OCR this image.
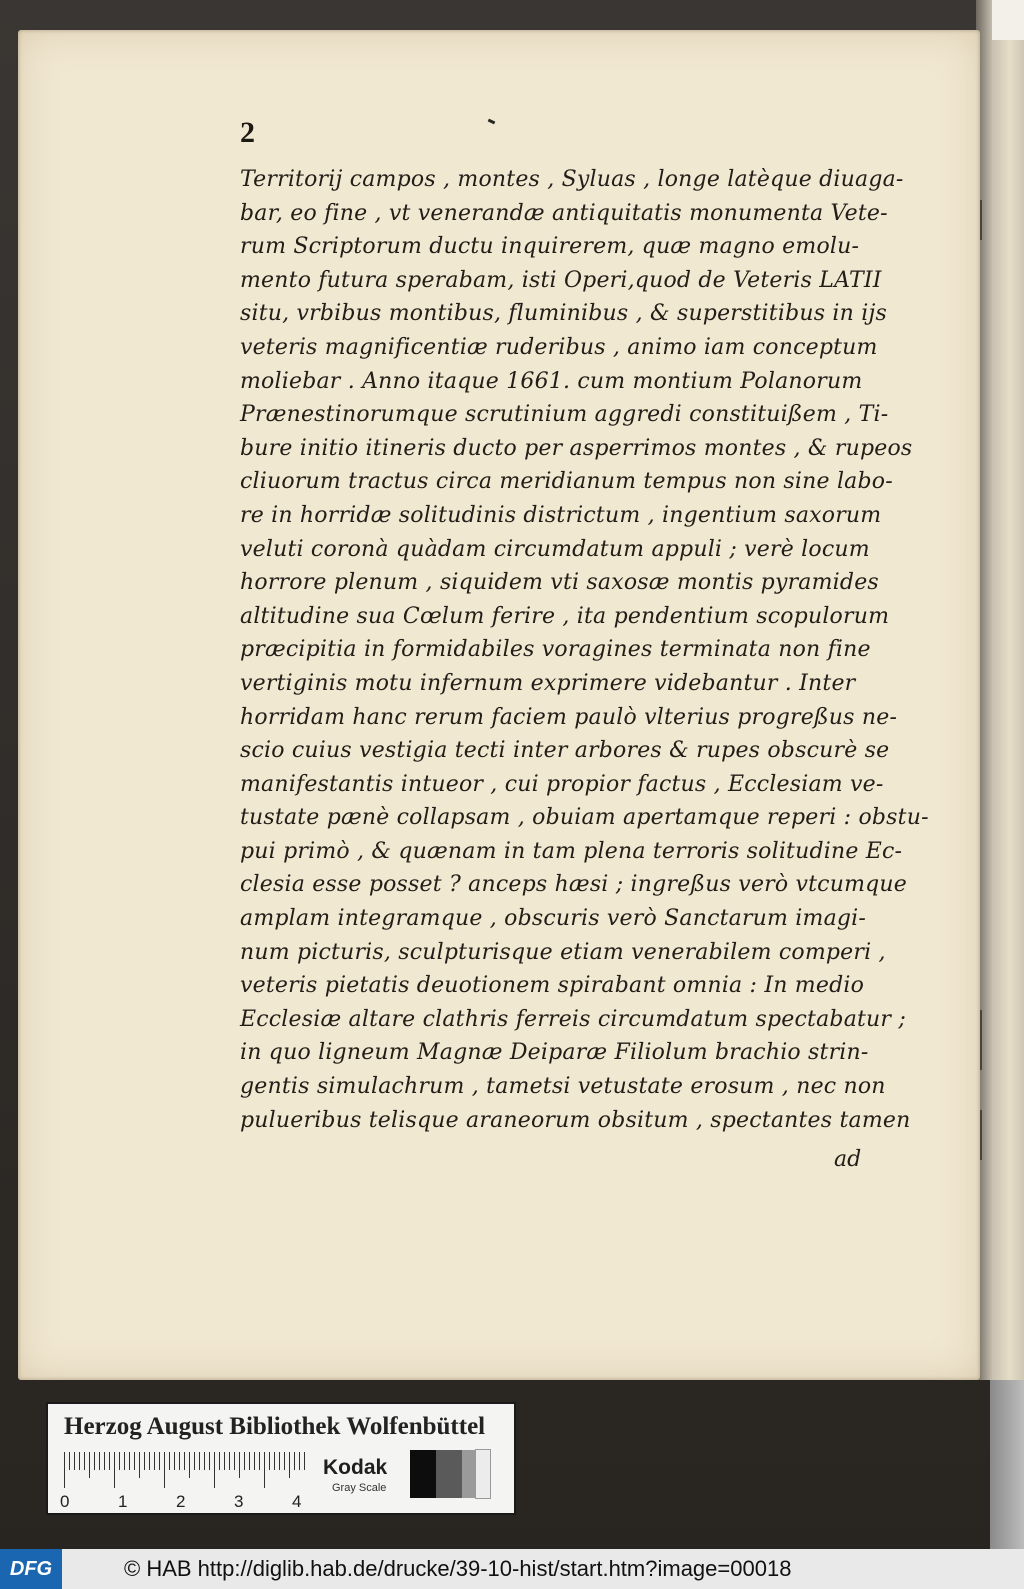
2

Territorij campos , montes , Syluas , longe latèque diuaga-
bar, eo fine , vt venerandæ antiquitatis monumenta Vete-
rum Scriptorum ductu inquirerem, quæ magno emolu-
mento futura sperabam, isti Operi,quod de Veteris LATII
situ, vrbibus montibus, fluminibus , & superstitibus in ijs
veteris magnificentiæ ruderibus , animo iam conceptum
moliebar . Anno itaque 1661. cum montium Polanorum
Prænestinorumque scrutinium aggredi constituißem , Ti-
bure initio itineris ducto per asperrimos montes , & rupeos
cliuorum tractus circa meridianum tempus non sine labo-
re in horridæ solitudinis districtum , ingentium saxorum
veluti coronà quàdam circumdatum appuli ; verè locum
horrore plenum , siquidem vti saxosæ montis pyramides
altitudine sua Cœlum ferire , ita pendentium scopulorum
præcipitia in formidabiles voragines terminata non fine
vertiginis motu infernum exprimere videbantur . Inter
horridam hanc rerum faciem paulò vlterius progreßus ne-
scio cuius vestigia tecti inter arbores & rupes obscurè se
manifestantis intueor , cui propior factus , Ecclesiam ve-
tustate pænè collapsam , obuiam apertamque reperi : obstu-
pui primò , & quænam in tam plena terroris solitudine Ec-
clesia esse posset ? anceps hæsi ; ingreßus verò vtcumque
amplam integramque , obscuris verò Sanctarum imagi-
num picturis, sculpturisque etiam venerabilem comperi ,
veteris pietatis deuotionem spirabant omnia : In medio
Ecclesiæ altare clathris ferreis circumdatum spectabatur ;
in quo ligneum Magnæ Deiparæ Filiolum brachio strin-
gentis simulachrum , tametsi vetustate erosum , nec non
pulueribus telisque araneorum obsitum , spectantes tamen
ad

Herzog August Bibliothek Wolfenbüttel

0	1	2	3	4

Kodak

Gray Scale

DFG	© HAB http://diglib.hab.de/drucke/39-10-hist/start.htm?image=00018
